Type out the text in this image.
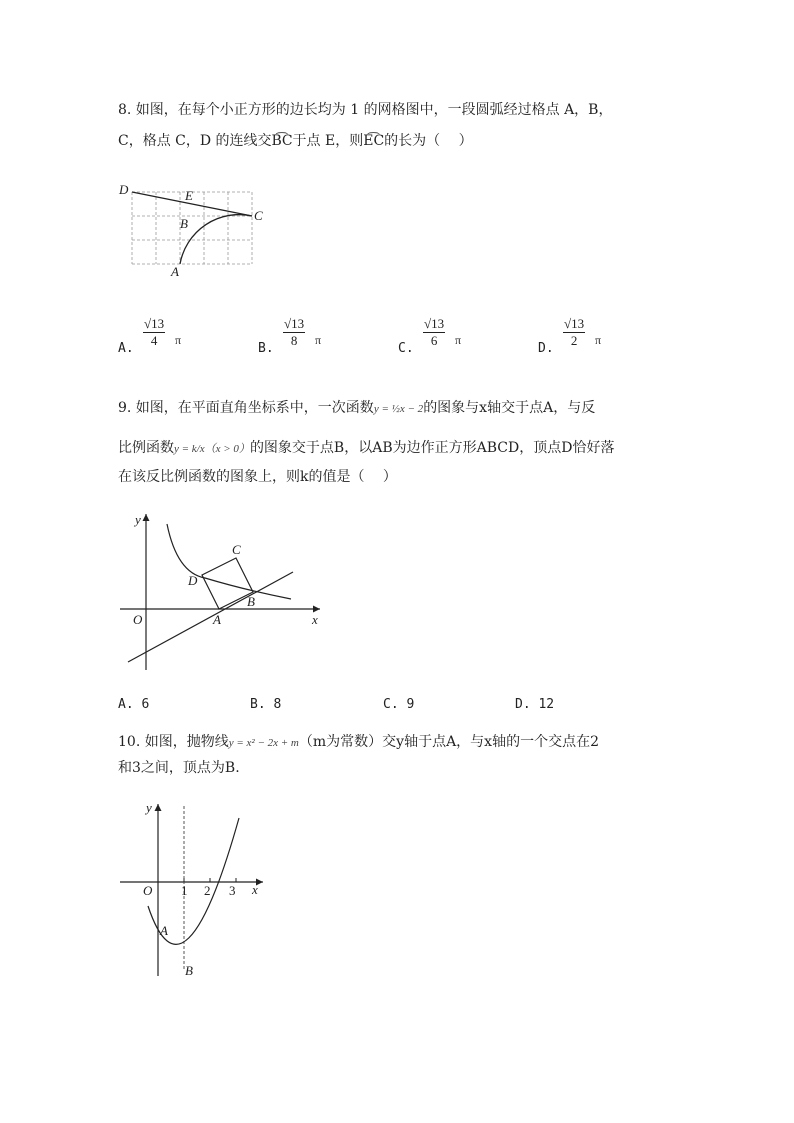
8. 如图，在每个小正方形的边长均为 1 的网格图中，一段圆弧经过格点 A，B，
C，格点 C，D 的连线交B͡C于点 E，则E͡C的长为（　 ）
D	E
B
C
A
A. $\frac{√13}{4}$ π
B. $\frac{√13}{8}$ π
C. $\frac{√13}{6}$ π
D. $\frac{√13}{2}$ π
9. 如图，在平面直角坐标系中，一次函数y = ½x − 2的图象与x轴交于点A，与反
比例函数y = k/x（x > 0）的图象交于点B，以AB为边作正方形ABCD，顶点D恰好落
在该反比例函数的图象上，则k的值是（　 ）
y
x
O	A
B
C
D
A. 6	B. 8	C. 9	D. 12
10. 如图，抛物线y = x² − 2x + m（m为常数）交y轴于点A，与x轴的一个交点在2
和3之间，顶点为B.
y
x
O 1 2 3
A
B
